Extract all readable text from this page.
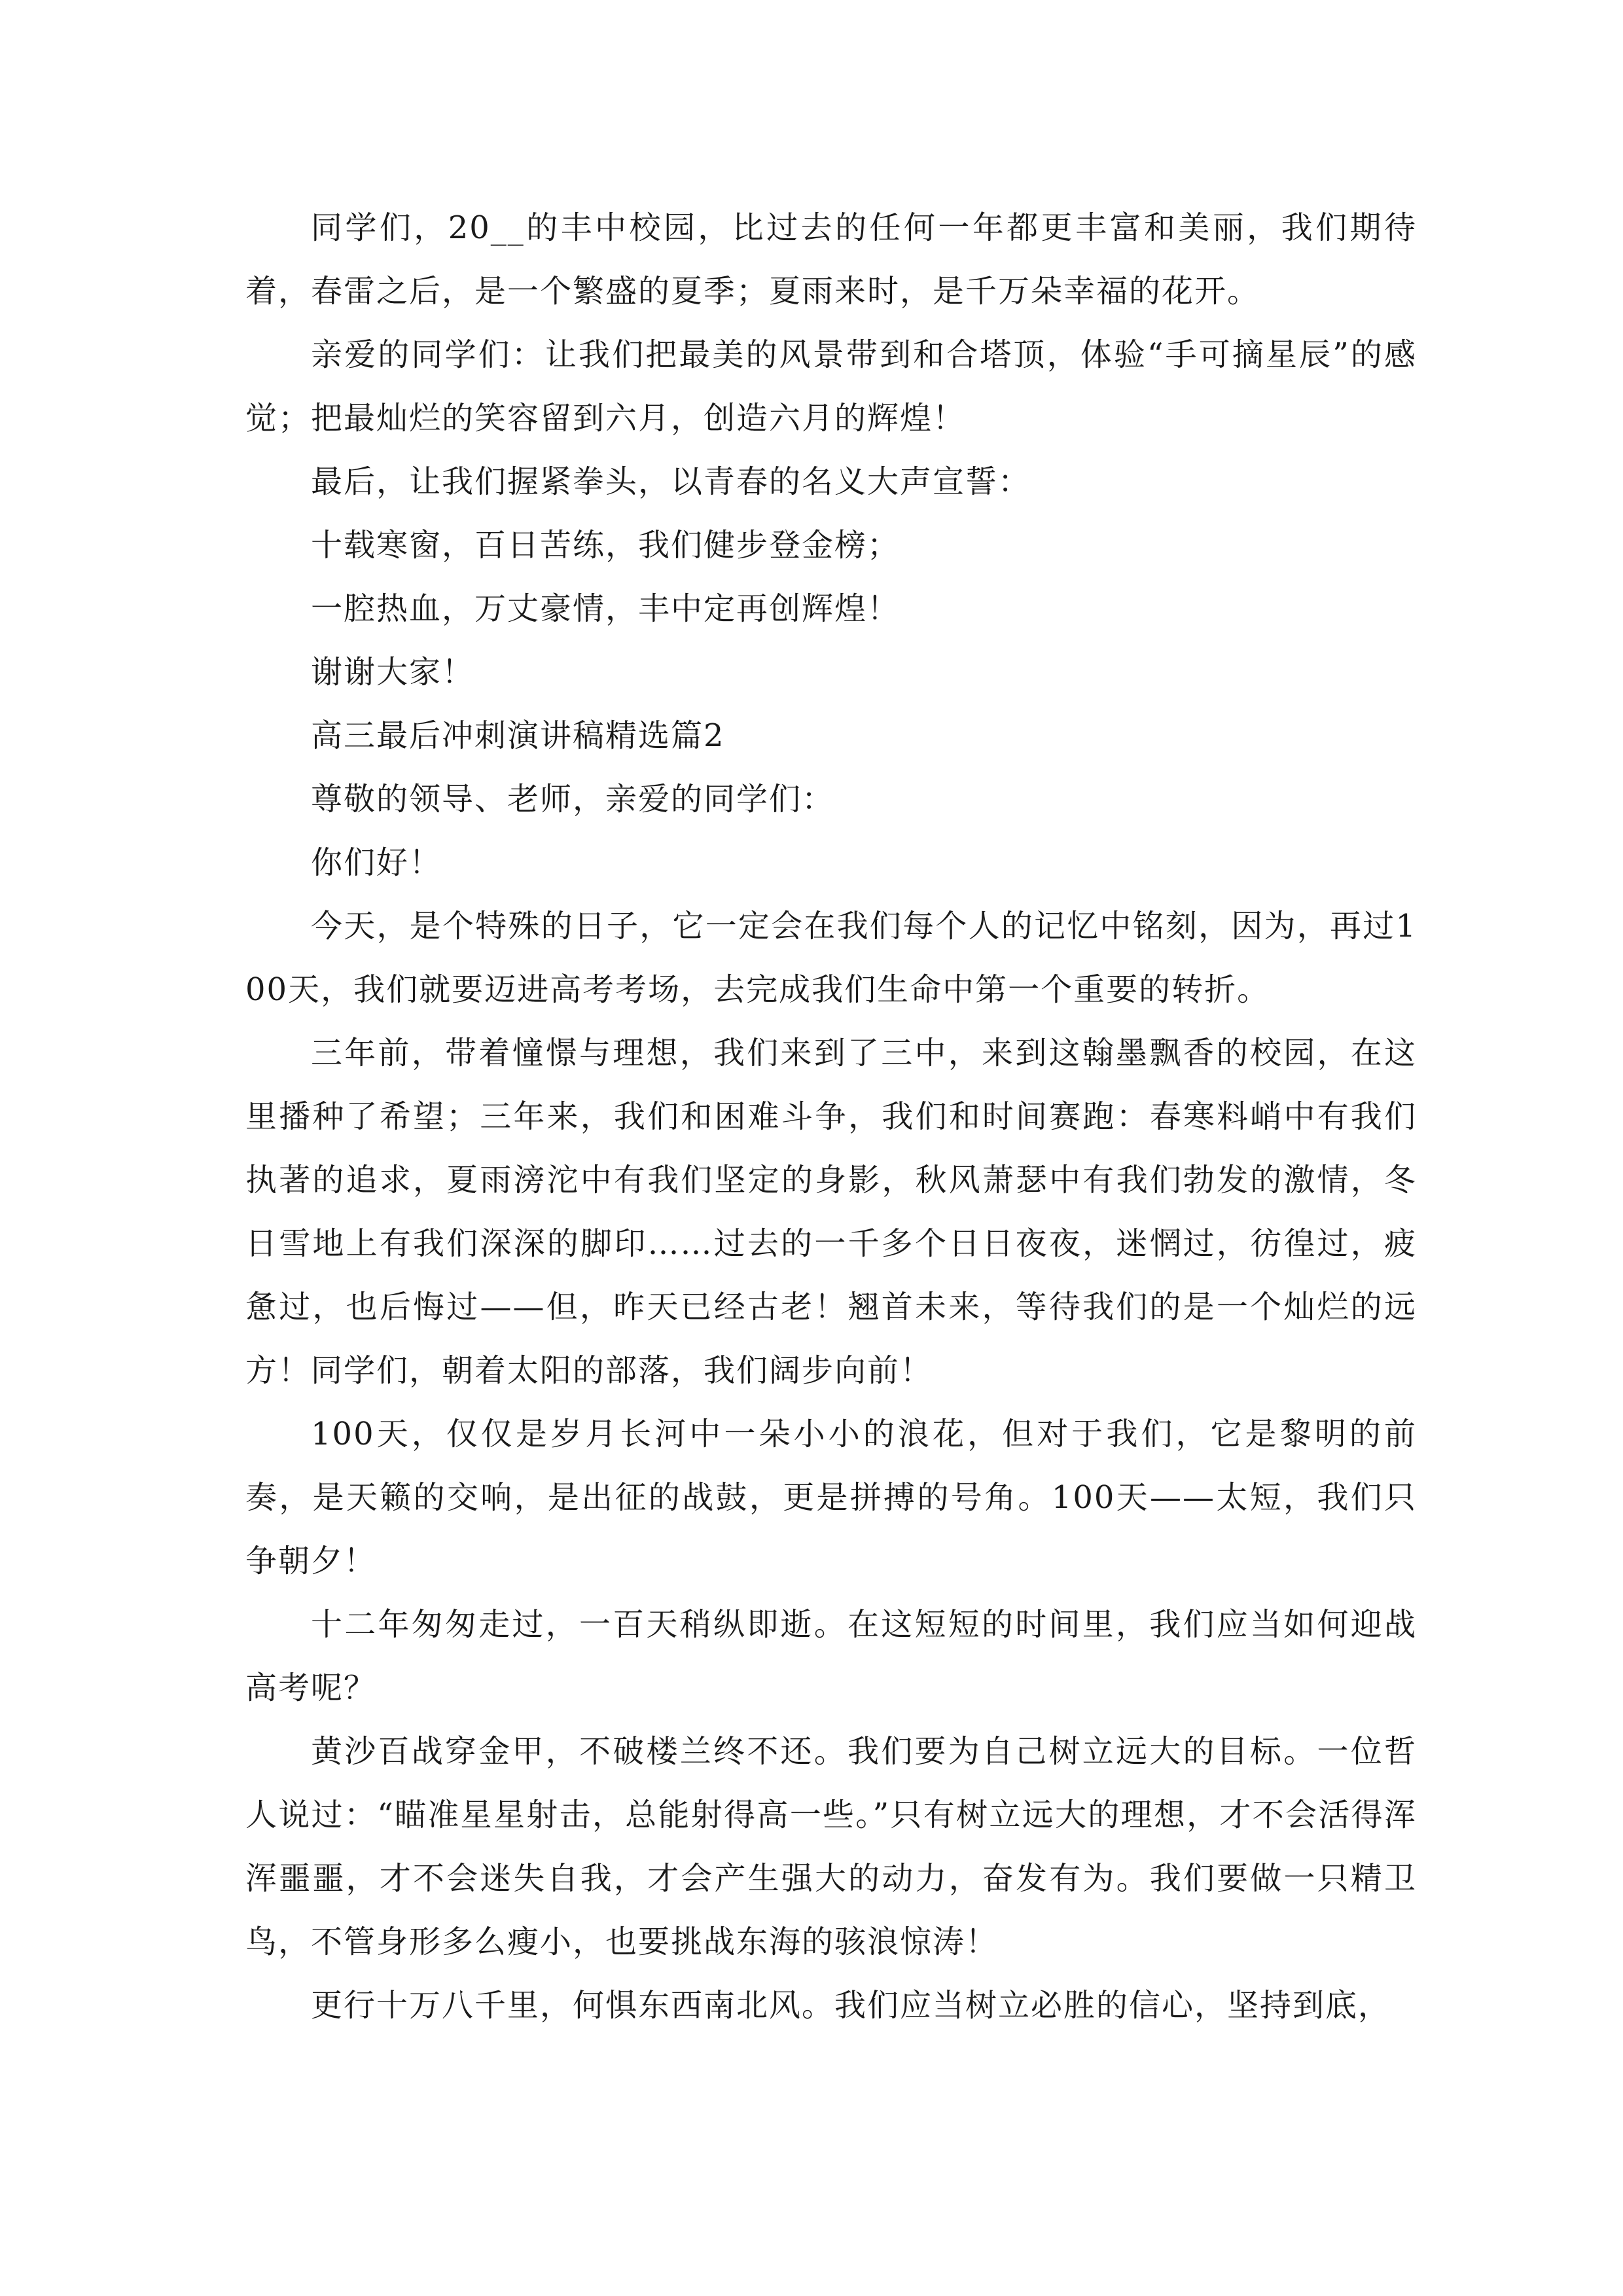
同学们，20__的丰中校园，比过去的任何一年都更丰富和美丽，我们期待着，春雷之后，是一个繁盛的夏季；夏雨来时，是千万朵幸福的花开。

亲爱的同学们：让我们把最美的风景带到和合塔顶，体验“手可摘星辰”的感觉；把最灿烂的笑容留到六月，创造六月的辉煌！

最后，让我们握紧拳头，以青春的名义大声宣誓：

十载寒窗，百日苦练，我们健步登金榜；

一腔热血，万丈豪情，丰中定再创辉煌！

谢谢大家！

高三最后冲刺演讲稿精选篇2

尊敬的领导、老师，亲爱的同学们：

你们好！

今天，是个特殊的日子，它一定会在我们每个人的记忆中铭刻，因为，再过100天，我们就要迈进高考考场，去完成我们生命中第一个重要的转折。

三年前，带着憧憬与理想，我们来到了三中，来到这翰墨飘香的校园，在这里播种了希望；三年来，我们和困难斗争，我们和时间赛跑：春寒料峭中有我们执著的追求，夏雨滂沱中有我们坚定的身影，秋风萧瑟中有我们勃发的激情，冬日雪地上有我们深深的脚印……过去的一千多个日日夜夜，迷惘过，彷徨过，疲惫过，也后悔过——但，昨天已经古老！翘首未来，等待我们的是一个灿烂的远方！同学们，朝着太阳的部落，我们阔步向前！

100天，仅仅是岁月长河中一朵小小的浪花，但对于我们，它是黎明的前奏，是天籁的交响，是出征的战鼓，更是拼搏的号角。100天——太短，我们只争朝夕！

十二年匆匆走过，一百天稍纵即逝。在这短短的时间里，我们应当如何迎战高考呢？

黄沙百战穿金甲，不破楼兰终不还。我们要为自己树立远大的目标。一位哲人说过：“瞄准星星射击，总能射得高一些。”只有树立远大的理想，才不会活得浑浑噩噩，才不会迷失自我，才会产生强大的动力，奋发有为。我们要做一只精卫鸟，不管身形多么瘦小，也要挑战东海的骇浪惊涛！

更行十万八千里，何惧东西南北风。我们应当树立必胜的信心，坚持到底，
